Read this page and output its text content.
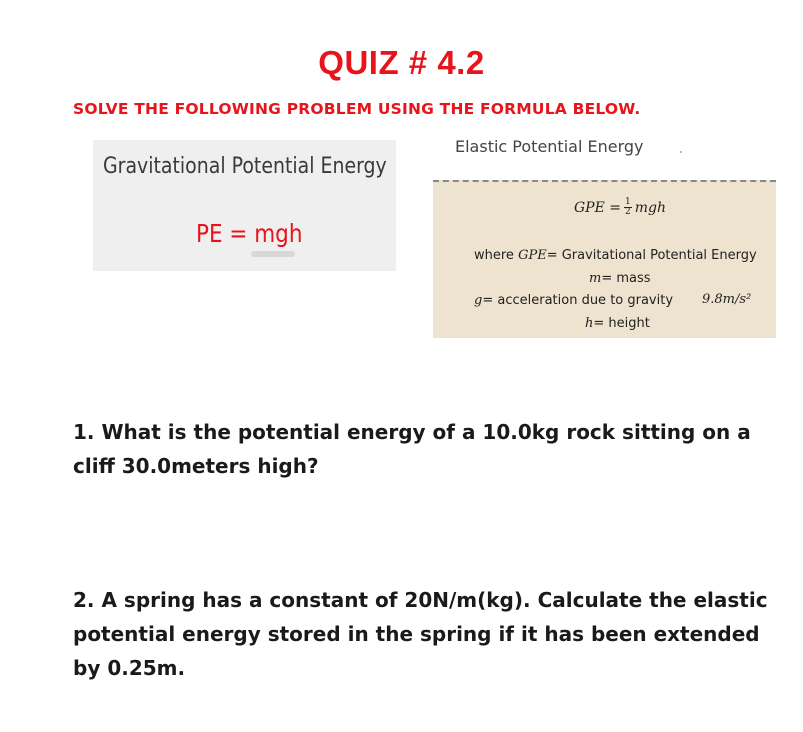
QUIZ # 4.2
SOLVE THE FOLLOWING PROBLEM USING THE FORMULA BELOW.
Gravitational Potential Energy
PE = mgh
Elastic Potential Energy
GPE = $\frac{1}{2}$ mgh
where GPE= Gravitational Potential Energy
m= mass
g= acceleration due to gravity 9.8m/s²
h= height
1. What is the potential energy of a 10.0kg rock sitting on a cliff 30.0meters high?
2. A spring has a constant of 20N/m(kg). Calculate the elastic potential energy stored in the spring if it has been extended by 0.25m.
